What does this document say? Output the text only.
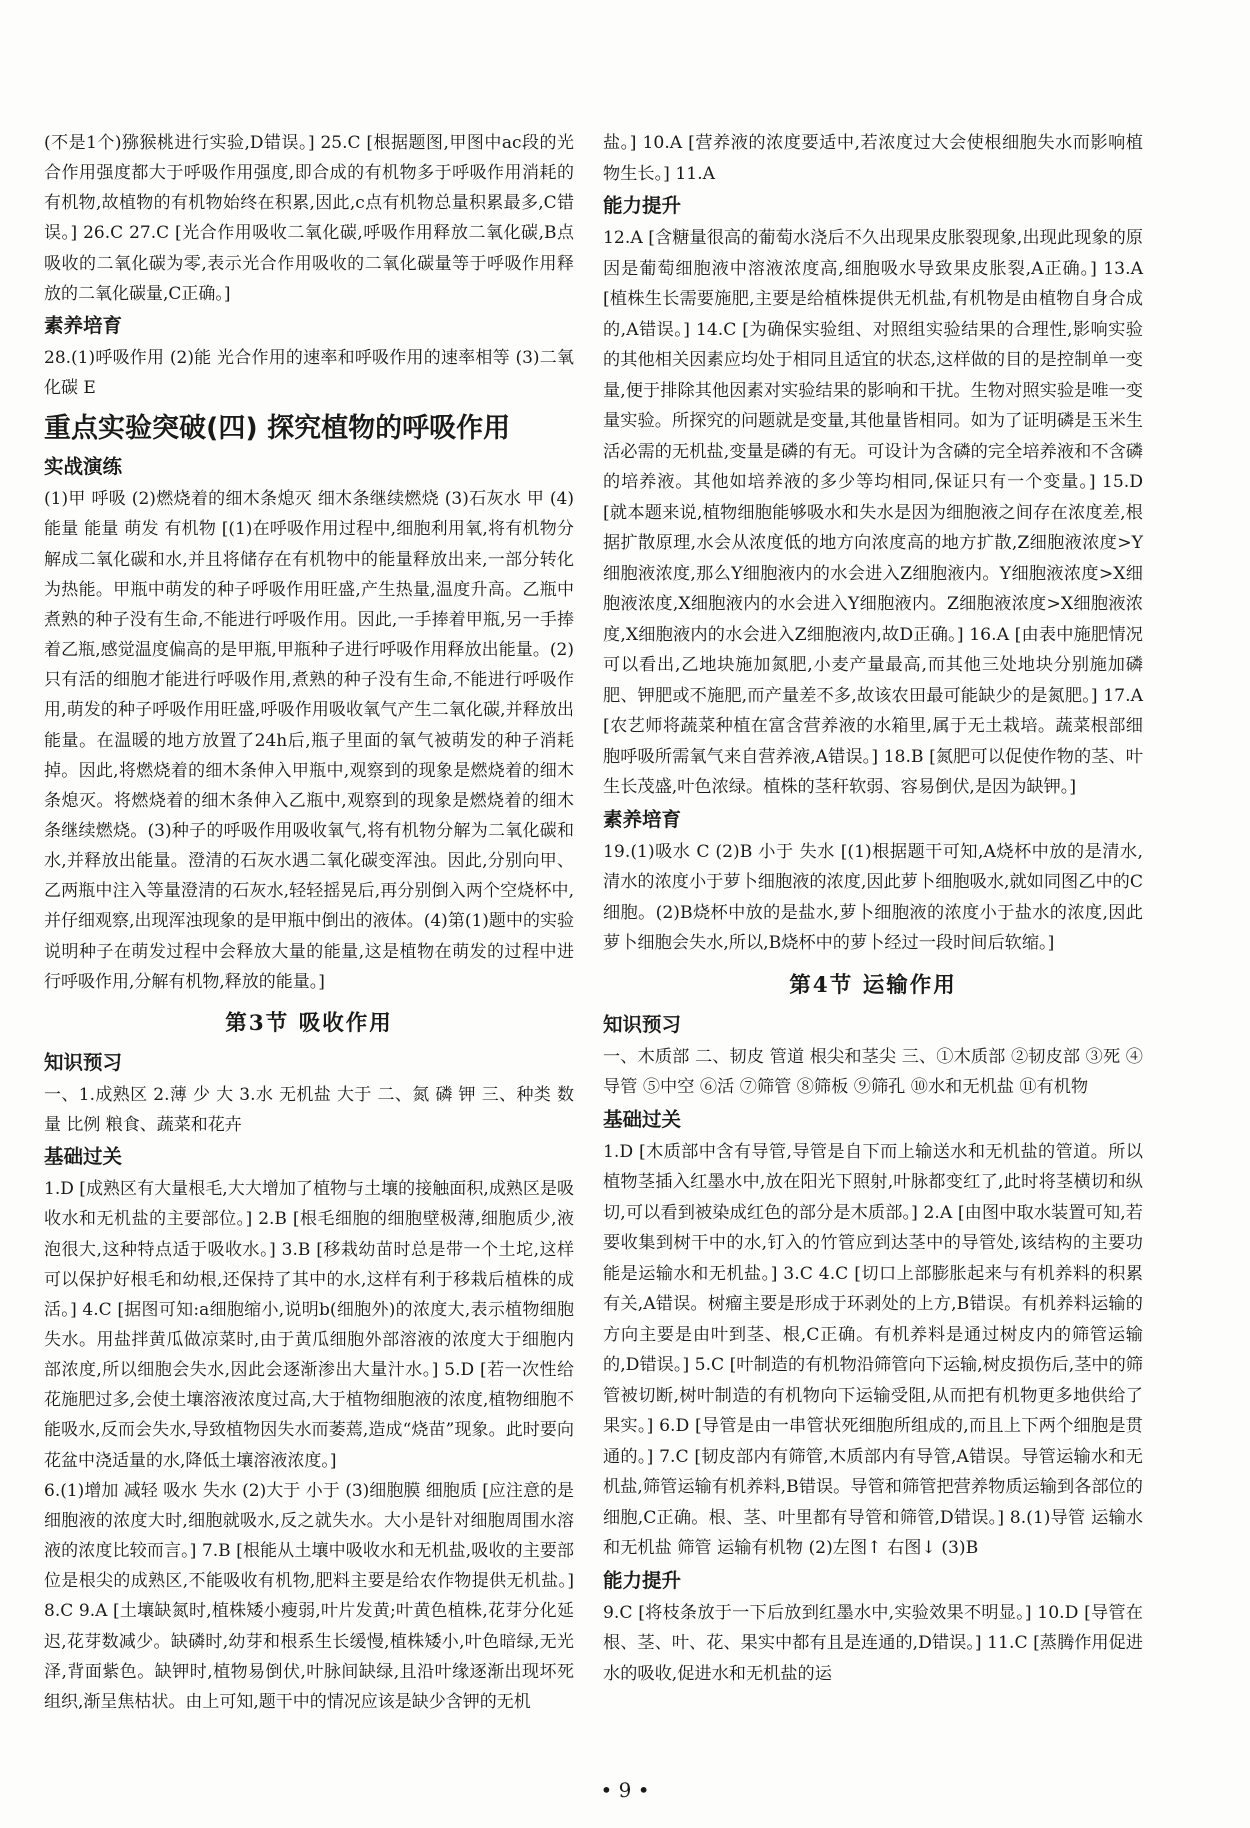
(不是1个)猕猴桃进行实验,D错误。] 25.C [根据题图,甲图中ac段的光合作用强度都大于呼吸作用强度,即合成的有机物多于呼吸作用消耗的有机物,故植物的有机物始终在积累,因此,c点有机物总量积累最多,C错误。] 26.C 27.C [光合作用吸收二氧化碳,呼吸作用释放二氧化碳,B点吸收的二氧化碳为零,表示光合作用吸收的二氧化碳量等于呼吸作用释放的二氧化碳量,C正确。]

素养培育

28.(1)呼吸作用 (2)能 光合作用的速率和呼吸作用的速率相等 (3)二氧化碳 E

重点实验突破(四) 探究植物的呼吸作用
实战演练

(1)甲 呼吸 (2)燃烧着的细木条熄灭 细木条继续燃烧 (3)石灰水 甲 (4)能量 能量 萌发 有机物 [(1)在呼吸作用过程中,细胞利用氧,将有机物分解成二氧化碳和水,并且将储存在有机物中的能量释放出来,一部分转化为热能。甲瓶中萌发的种子呼吸作用旺盛,产生热量,温度升高。乙瓶中煮熟的种子没有生命,不能进行呼吸作用。因此,一手捧着甲瓶,另一手捧着乙瓶,感觉温度偏高的是甲瓶,甲瓶种子进行呼吸作用释放出能量。(2)只有活的细胞才能进行呼吸作用,煮熟的种子没有生命,不能进行呼吸作用,萌发的种子呼吸作用旺盛,呼吸作用吸收氧气产生二氧化碳,并释放出能量。在温暖的地方放置了24h后,瓶子里面的氧气被萌发的种子消耗掉。因此,将燃烧着的细木条伸入甲瓶中,观察到的现象是燃烧着的细木条熄灭。将燃烧着的细木条伸入乙瓶中,观察到的现象是燃烧着的细木条继续燃烧。(3)种子的呼吸作用吸收氧气,将有机物分解为二氧化碳和水,并释放出能量。澄清的石灰水遇二氧化碳变浑浊。因此,分别向甲、乙两瓶中注入等量澄清的石灰水,轻轻摇晃后,再分别倒入两个空烧杯中,并仔细观察,出现浑浊现象的是甲瓶中倒出的液体。(4)第(1)题中的实验说明种子在萌发过程中会释放大量的能量,这是植物在萌发的过程中进行呼吸作用,分解有机物,释放的能量。]

第3节 吸收作用
知识预习

一、1.成熟区 2.薄 少 大 3.水 无机盐 大于 二、氮 磷 钾 三、种类 数量 比例 粮食、蔬菜和花卉

基础过关

1.D [成熟区有大量根毛,大大增加了植物与土壤的接触面积,成熟区是吸收水和无机盐的主要部位。] 2.B [根毛细胞的细胞壁极薄,细胞质少,液泡很大,这种特点适于吸收水。] 3.B [移栽幼苗时总是带一个土坨,这样可以保护好根毛和幼根,还保持了其中的水,这样有利于移栽后植株的成活。] 4.C [据图可知:a细胞缩小,说明b(细胞外)的浓度大,表示植物细胞失水。用盐拌黄瓜做凉菜时,由于黄瓜细胞外部溶液的浓度大于细胞内部浓度,所以细胞会失水,因此会逐渐渗出大量汁水。] 5.D [若一次性给花施肥过多,会使土壤溶液浓度过高,大于植物细胞液的浓度,植物细胞不能吸水,反而会失水,导致植物因失水而萎蔫,造成“烧苗”现象。此时要向花盆中浇适量的水,降低土壤溶液浓度。]

6.(1)增加 减轻 吸水 失水 (2)大于 小于 (3)细胞膜 细胞质 [应注意的是细胞液的浓度大时,细胞就吸水,反之就失水。大小是针对细胞周围水溶液的浓度比较而言。] 7.B [根能从土壤中吸收水和无机盐,吸收的主要部位是根尖的成熟区,不能吸收有机物,肥料主要是给农作物提供无机盐。] 8.C 9.A [土壤缺氮时,植株矮小瘦弱,叶片发黄;叶黄色植株,花芽分化延迟,花芽数减少。缺磷时,幼芽和根系生长缓慢,植株矮小,叶色暗绿,无光泽,背面紫色。缺钾时,植物易倒伏,叶脉间缺绿,且沿叶缘逐渐出现坏死组织,渐呈焦枯状。由上可知,题干中的情况应该是缺少含钾的无机

盐。] 10.A [营养液的浓度要适中,若浓度过大会使根细胞失水而影响植物生长。] 11.A

能力提升

12.A [含糖量很高的葡萄水浇后不久出现果皮胀裂现象,出现此现象的原因是葡萄细胞液中溶液浓度高,细胞吸水导致果皮胀裂,A正确。] 13.A [植株生长需要施肥,主要是给植株提供无机盐,有机物是由植物自身合成的,A错误。] 14.C [为确保实验组、对照组实验结果的合理性,影响实验的其他相关因素应均处于相同且适宜的状态,这样做的目的是控制单一变量,便于排除其他因素对实验结果的影响和干扰。生物对照实验是唯一变量实验。所探究的问题就是变量,其他量皆相同。如为了证明磷是玉米生活必需的无机盐,变量是磷的有无。可设计为含磷的完全培养液和不含磷的培养液。其他如培养液的多少等均相同,保证只有一个变量。] 15.D [就本题来说,植物细胞能够吸水和失水是因为细胞液之间存在浓度差,根据扩散原理,水会从浓度低的地方向浓度高的地方扩散,Z细胞液浓度>Y细胞液浓度,那么Y细胞液内的水会进入Z细胞液内。Y细胞液浓度>X细胞液浓度,X细胞液内的水会进入Y细胞液内。Z细胞液浓度>X细胞液浓度,X细胞液内的水会进入Z细胞液内,故D正确。] 16.A [由表中施肥情况可以看出,乙地块施加氮肥,小麦产量最高,而其他三处地块分别施加磷肥、钾肥或不施肥,而产量差不多,故该农田最可能缺少的是氮肥。] 17.A [农艺师将蔬菜种植在富含营养液的水箱里,属于无土栽培。蔬菜根部细胞呼吸所需氧气来自营养液,A错误。] 18.B [氮肥可以促使作物的茎、叶生长茂盛,叶色浓绿。植株的茎秆软弱、容易倒伏,是因为缺钾。]

素养培育

19.(1)吸水 C (2)B 小于 失水 [(1)根据题干可知,A烧杯中放的是清水,清水的浓度小于萝卜细胞液的浓度,因此萝卜细胞吸水,就如同图乙中的C细胞。(2)B烧杯中放的是盐水,萝卜细胞液的浓度小于盐水的浓度,因此萝卜细胞会失水,所以,B烧杯中的萝卜经过一段时间后软缩。]

第4节 运输作用
知识预习

一、木质部 二、韧皮 管道 根尖和茎尖 三、①木质部 ②韧皮部 ③死 ④导管 ⑤中空 ⑥活 ⑦筛管 ⑧筛板 ⑨筛孔 ⑩水和无机盐 ⑪有机物

基础过关

1.D [木质部中含有导管,导管是自下而上输送水和无机盐的管道。所以植物茎插入红墨水中,放在阳光下照射,叶脉都变红了,此时将茎横切和纵切,可以看到被染成红色的部分是木质部。] 2.A [由图中取水装置可知,若要收集到树干中的水,钉入的竹管应到达茎中的导管处,该结构的主要功能是运输水和无机盐。] 3.C 4.C [切口上部膨胀起来与有机养料的积累有关,A错误。树瘤主要是形成于环剥处的上方,B错误。有机养料运输的方向主要是由叶到茎、根,C正确。有机养料是通过树皮内的筛管运输的,D错误。] 5.C [叶制造的有机物沿筛管向下运输,树皮损伤后,茎中的筛管被切断,树叶制造的有机物向下运输受阻,从而把有机物更多地供给了果实。] 6.D [导管是由一串管状死细胞所组成的,而且上下两个细胞是贯通的。] 7.C [韧皮部内有筛管,木质部内有导管,A错误。导管运输水和无机盐,筛管运输有机养料,B错误。导管和筛管把营养物质运输到各部位的细胞,C正确。根、茎、叶里都有导管和筛管,D错误。] 8.(1)导管 运输水和无机盐 筛管 运输有机物 (2)左图↑ 右图↓ (3)B

能力提升

9.C [将枝条放于一下后放到红墨水中,实验效果不明显。] 10.D [导管在根、茎、叶、花、果实中都有且是连通的,D错误。] 11.C [蒸腾作用促进水的吸收,促进水和无机盐的运

• 9 •
